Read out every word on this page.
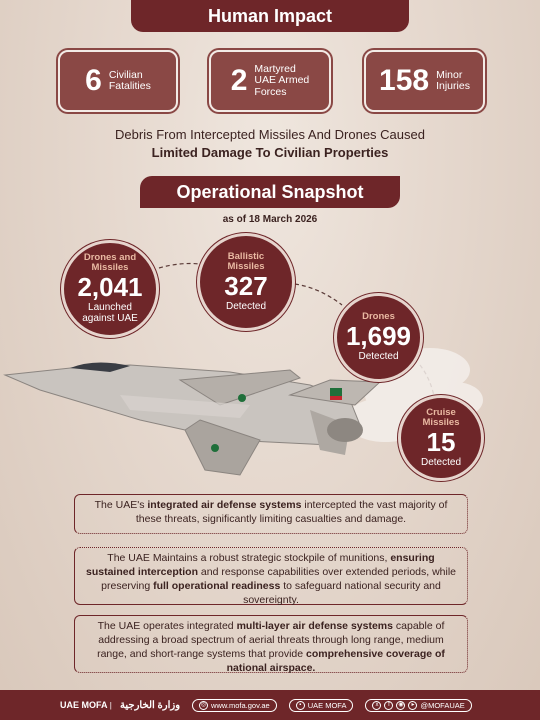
Human Impact
6 Civilian
Fatalities	2 Martyred
UAE Armed
Forces	158 Minor
Injuries
Debris From Intercepted Missiles And Drones Caused
Limited Damage To Civilian Properties
Operational Snapshot
as of 18 March 2026
Drones and
Missiles
2,041
Launched
against UAE
Ballistic
Missiles
327
Detected
Drones
1,699
Detected
Cruise
Missiles
15
Detected
The UAE's integrated air defense systems intercepted the vast majority of these threats, significantly limiting casualties and damage.
The UAE Maintains a robust strategic stockpile of munitions, ensuring sustained interception and response capabilities over extended periods, while preserving full operational readiness to safeguard national security and sovereignty.
The UAE operates integrated multi-layer air defense systems capable of addressing a broad spectrum of aerial threats through long range, medium range, and short-range systems that provide comprehensive coverage of national airspace.
UAE MOFA | وزارة الخارجية	◎ www.mofa.gov.ae	▪ UAE MOFA	x	f	◉	▸ @MOFAUAE
